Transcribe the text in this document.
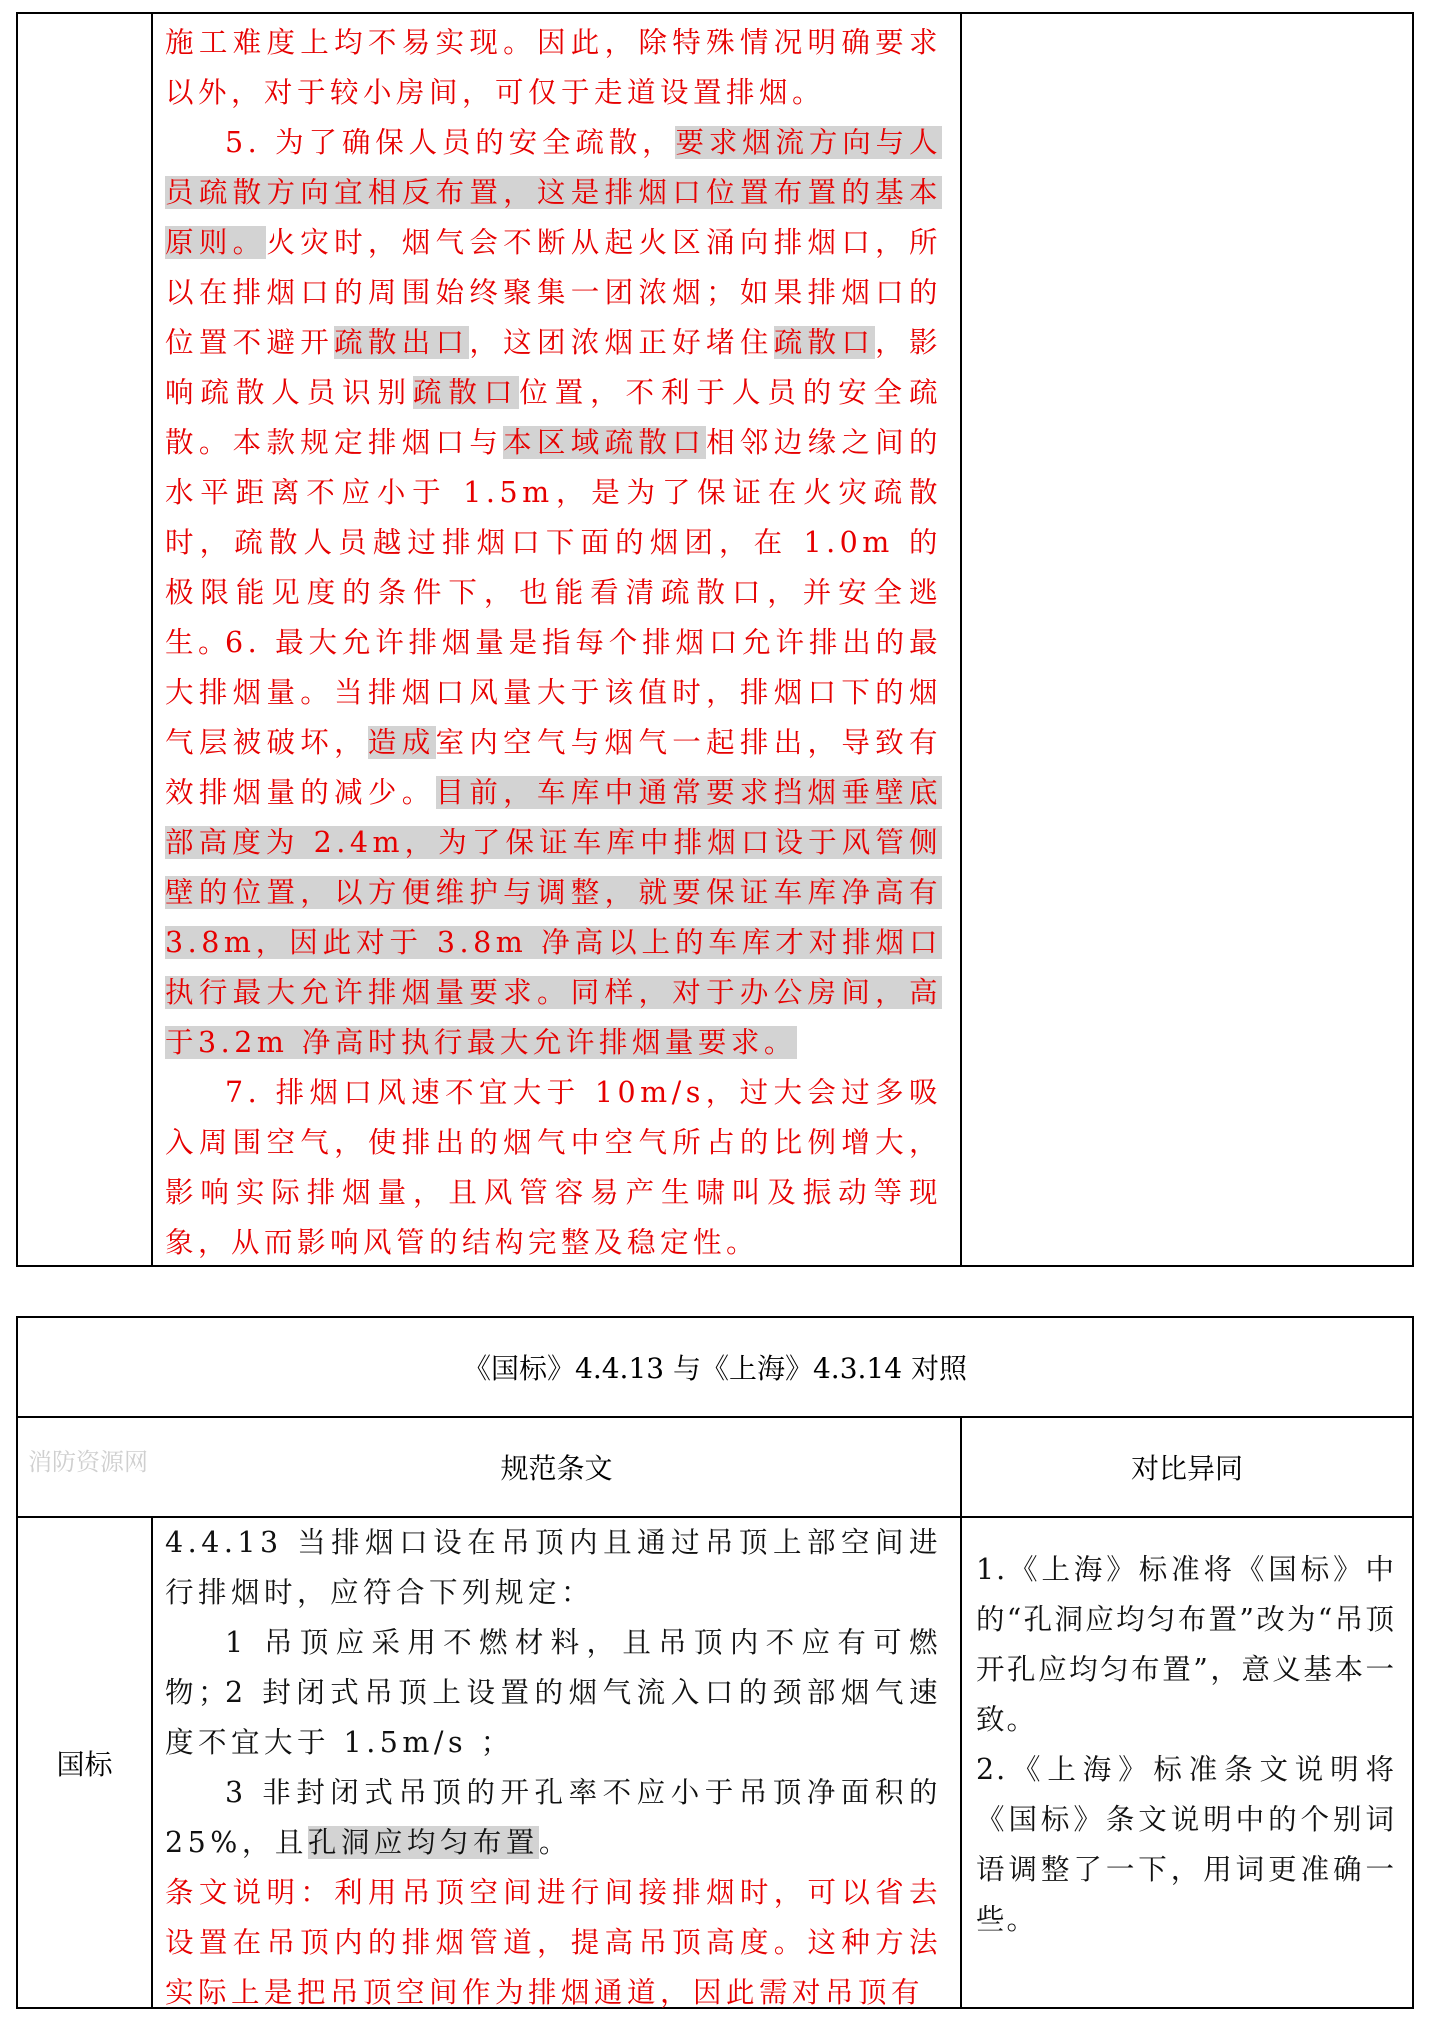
施工难度上均不易实现。因此，除特殊情况明确要求以外，对于较小房间，可仅于走道设置排烟。

5. 为了确保人员的安全疏散，要求烟流方向与人员疏散方向宜相反布置，这是排烟口位置布置的基本原则。火灾时，烟气会不断从起火区涌向排烟口，所以在排烟口的周围始终聚集一团浓烟；如果排烟口的位置不避开疏散出口，这团浓烟正好堵住疏散口，影响疏散人员识别疏散口位置，不利于人员的安全疏散。本款规定排烟口与本区域疏散口相邻边缘之间的水平距离不应小于 1.5m，是为了保证在火灾疏散时，疏散人员越过排烟口下面的烟团，在 1.0m 的极限能见度的条件下，也能看清疏散口，并安全逃生。

6. 最大允许排烟量是指每个排烟口允许排出的最大排烟量。当排烟口风量大于该值时，排烟口下的烟气层被破坏，造成室内空气与烟气一起排出，导致有效排烟量的减少。目前，车库中通常要求挡烟垂壁底部高度为 2.4m，为了保证车库中排烟口设于风管侧壁的位置，以方便维护与调整，就要保证车库净高有3.8m，因此对于 3.8m 净高以上的车库才对排烟口执行最大允许排烟量要求。同样，对于办公房间，高于3.2m 净高时执行最大允许排烟量要求。

7. 排烟口风速不宜大于 10m/s，过大会过多吸入周围空气，使排出的烟气中空气所占的比例增大，影响实际排烟量，且风管容易产生啸叫及振动等现象，从而影响风管的结构完整及稳定性。

《国标》4.4.13 与《上海》4.3.14 对照
消防资源网	规范条文	对比异同
国标

4.4.13 当排烟口设在吊顶内且通过吊顶上部空间进行排烟时，应符合下列规定：

1 吊顶应采用不燃材料，且吊顶内不应有可燃物；

2 封闭式吊顶上设置的烟气流入口的颈部烟气速度不宜大于 1.5m/s ；

3 非封闭式吊顶的开孔率不应小于吊顶净面积的25%，且孔洞应均匀布置。

条文说明：利用吊顶空间进行间接排烟时，可以省去设置在吊顶内的排烟管道，提高吊顶高度。这种方法实际上是把吊顶空间作为排烟通道，因此需对吊顶有

1.《上海》标准将《国标》中的“孔洞应均匀布置”改为“吊顶开孔应均匀布置”，意义基本一致。

2.《上海》标准条文说明将《国标》条文说明中的个别词语调整了一下，用词更准确一些。
